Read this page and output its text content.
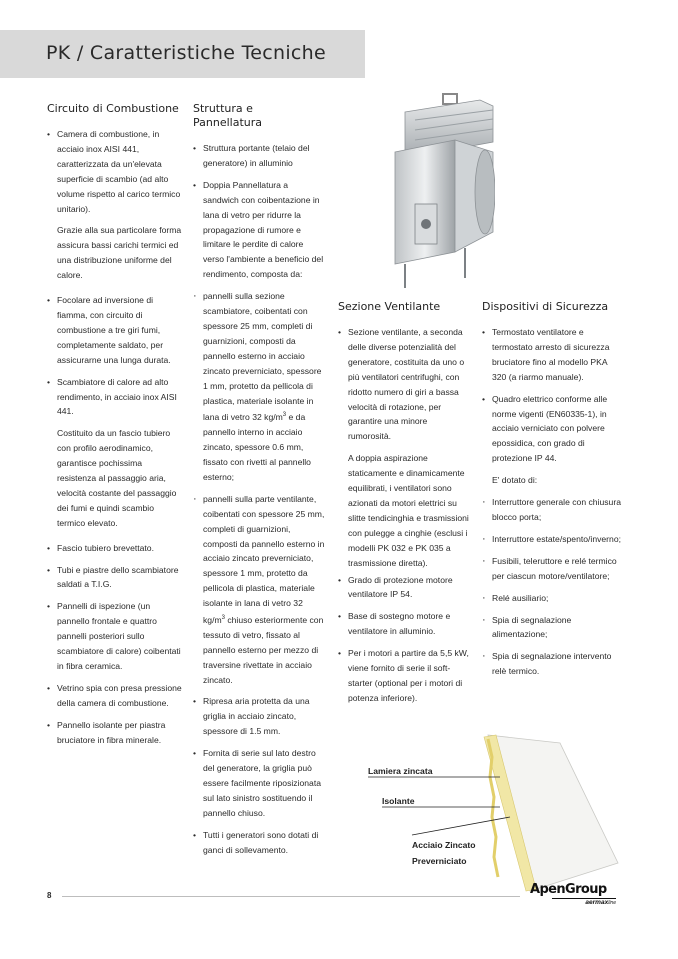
PK / Caratteristiche Tecniche
Circuito di Combustione
• Camera di combustione, in acciaio inox AISI 441, caratterizzata da un'elevata superficie di scambio (ad alto volume rispetto al carico termico unitario).

Grazie alla sua particolare forma assicura bassi carichi termici ed una distribuzione uniforme del calore.

• Focolare ad inversione di fiamma, con circuito di combustione a tre giri fumi, completamente saldato, per assicurarne una lunga durata.
• Scambiatore di calore ad alto rendimento, in acciaio inox AISI 441.

Costituito da un fascio tubiero con profilo aerodinamico, garantisce pochissima resistenza al passaggio aria, velocità costante del passaggio dei fumi e quindi scambio termico elevato.

• Fascio tubiero brevettato.
• Tubi e piastre dello scambiatore saldati a T.I.G.
• Pannelli di ispezione (un pannello frontale e quattro pannelli posteriori sullo scambiatore di calore) coibentati in fibra ceramica.
• Vetrino spia con presa pressione della camera di combustione.
• Pannello isolante per piastra bruciatore in fibra minerale.
Struttura e Pannellatura
• Struttura portante (telaio del generatore) in alluminio
• Doppia Pannellatura a sandwich con coibentazione in lana di vetro per ridurre la propagazione di rumore e limitare le perdite di calore verso l'ambiente a beneficio del rendimento, composta da:
· pannelli sulla sezione scambiatore, coibentati con spessore 25 mm, completi di guarnizioni, composti da pannello esterno in acciaio zincato preverniciato, spessore 1 mm, protetto da pellicola di plastica, materiale isolante in lana di vetro 32 $kg/m^3$ e da pannello interno in acciaio zincato, spessore 0.6 mm, fissato con rivetti al pannello esterno;
· pannelli sulla parte ventilante, coibentati con spessore 25 mm, completi di guarnizioni, composti da pannello esterno in acciaio zincato preverniciato, spessore 1 mm, protetto da pellicola di plastica, materiale isolante in lana di vetro 32 $kg/m^3$ chiuso esteriormente con tessuto di vetro, fissato al pannello esterno per mezzo di traversine rivettate in acciaio zincato.
• Ripresa aria protetta da una griglia in acciaio zincato, spessore di 1.5 mm.
• Fornita di serie sul lato destro del generatore, la griglia può essere facilmente riposizionata sul lato sinistro sostituendo il pannello chiuso.
• Tutti i generatori sono dotati di ganci di sollevamento.
Sezione Ventilante
• Sezione ventilante, a seconda delle diverse potenzialità del generatore, costituita da uno o più ventilatori centrifughi, con ridotto numero di giri a bassa velocità di rotazione, per garantire una minore rumorosità.

A doppia aspirazione staticamente e dinamicamente equilibrati, i ventilatori sono azionati da motori elettrici su slitte tendicinghia e trasmissioni con pulegge a cinghie (esclusi i modelli PK 032 e PK 035 a trasmissione diretta).

• Grado di protezione motore ventilatore IP 54.
• Base di sostegno motore e ventilatore in alluminio.
• Per i motori a partire da 5,5 kW, viene fornito di serie il soft-starter (optional per i motori di potenza inferiore).
Dispositivi di Sicurezza
• Termostato ventilatore e termostato arresto di sicurezza bruciatore fino al modello PKA 320 (a riarmo manuale).
• Quadro elettrico conforme alle norme vigenti (EN60335-1), in acciaio verniciato con polvere epossidica, con grado di protezione IP 44.

E' dotato di:

· Interruttore generale con chiusura blocco porta;
· Interruttore estate/spento/inverno;
· Fusibili, teleruttore e relé termico per ciascun motore/ventilatore;
· Relé ausiliario;
· Spia di segnalazione alimentazione;
· Spia di segnalazione intervento relè termico.
Lamiera zincata
Isolante
Acciaio Zincato
Preverniciato
8	ApenGroup
aermaxline
